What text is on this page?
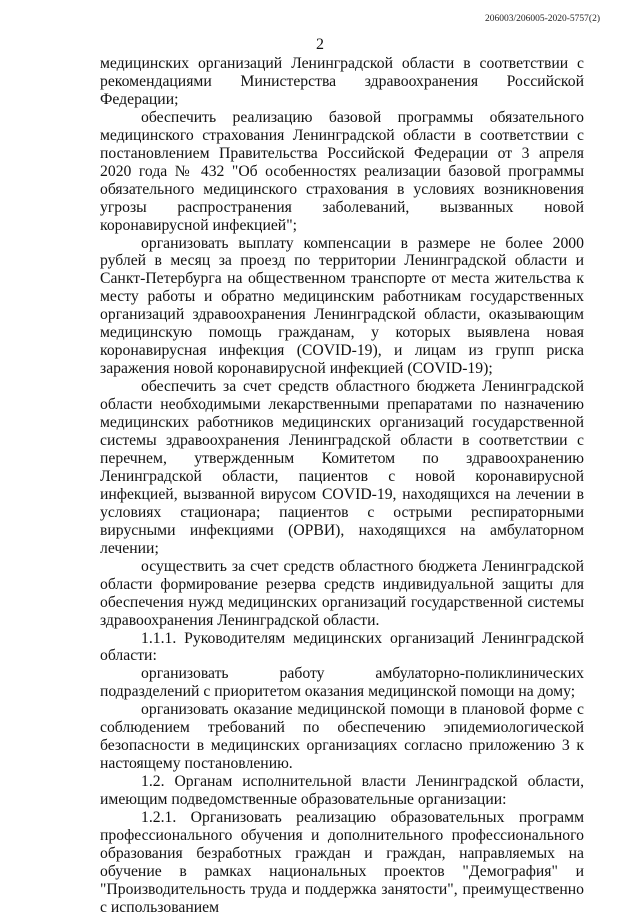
206003/206005-2020-5757(2)
2

медицинских организаций Ленинградской области в соответствии с рекомендациями Министерства здравоохранения Российской Федерации;

обеспечить реализацию базовой программы обязательного медицинского страхования Ленинградской области в соответствии с постановлением Правительства Российской Федерации от 3 апреля 2020 года № 432 "Об особенностях реализации базовой программы обязательного медицинского страхования в условиях возникновения угрозы распространения заболеваний, вызванных новой коронавирусной инфекцией";

организовать выплату компенсации в размере не более 2000 рублей в месяц за проезд по территории Ленинградской области и Санкт-Петербурга на общественном транспорте от места жительства к месту работы и обратно медицинским работникам государственных организаций здравоохранения Ленинградской области, оказывающим медицинскую помощь гражданам, у которых выявлена новая коронавирусная инфекция (COVID-19), и лицам из групп риска заражения новой коронавирусной инфекцией (COVID-19);

обеспечить за счет средств областного бюджета Ленинградской области необходимыми лекарственными препаратами по назначению медицинских работников медицинских организаций государственной системы здравоохранения Ленинградской области в соответствии с перечнем, утвержденным Комитетом по здравоохранению Ленинградской области, пациентов с новой коронавирусной инфекцией, вызванной вирусом COVID-19, находящихся на лечении в условиях стационара; пациентов с острыми респираторными вирусными инфекциями (ОРВИ), находящихся на амбулаторном лечении;

осуществить за счет средств областного бюджета Ленинградской области формирование резерва средств индивидуальной защиты для обеспечения нужд медицинских организаций государственной системы здравоохранения Ленинградской области.

1.1.1. Руководителям медицинских организаций Ленинградской области:

организовать работу амбулаторно-поликлинических подразделений с приоритетом оказания медицинской помощи на дому;

организовать оказание медицинской помощи в плановой форме с соблюдением требований по обеспечению эпидемиологической безопасности в медицинских организациях согласно приложению 3 к настоящему постановлению.

1.2. Органам исполнительной власти Ленинградской области, имеющим подведомственные образовательные организации:

1.2.1. Организовать реализацию образовательных программ профессионального обучения и дополнительного профессионального образования безработных граждан и граждан, направляемых на обучение в рамках национальных проектов "Демография" и "Производительность труда и поддержка занятости", преимущественно с использованием
